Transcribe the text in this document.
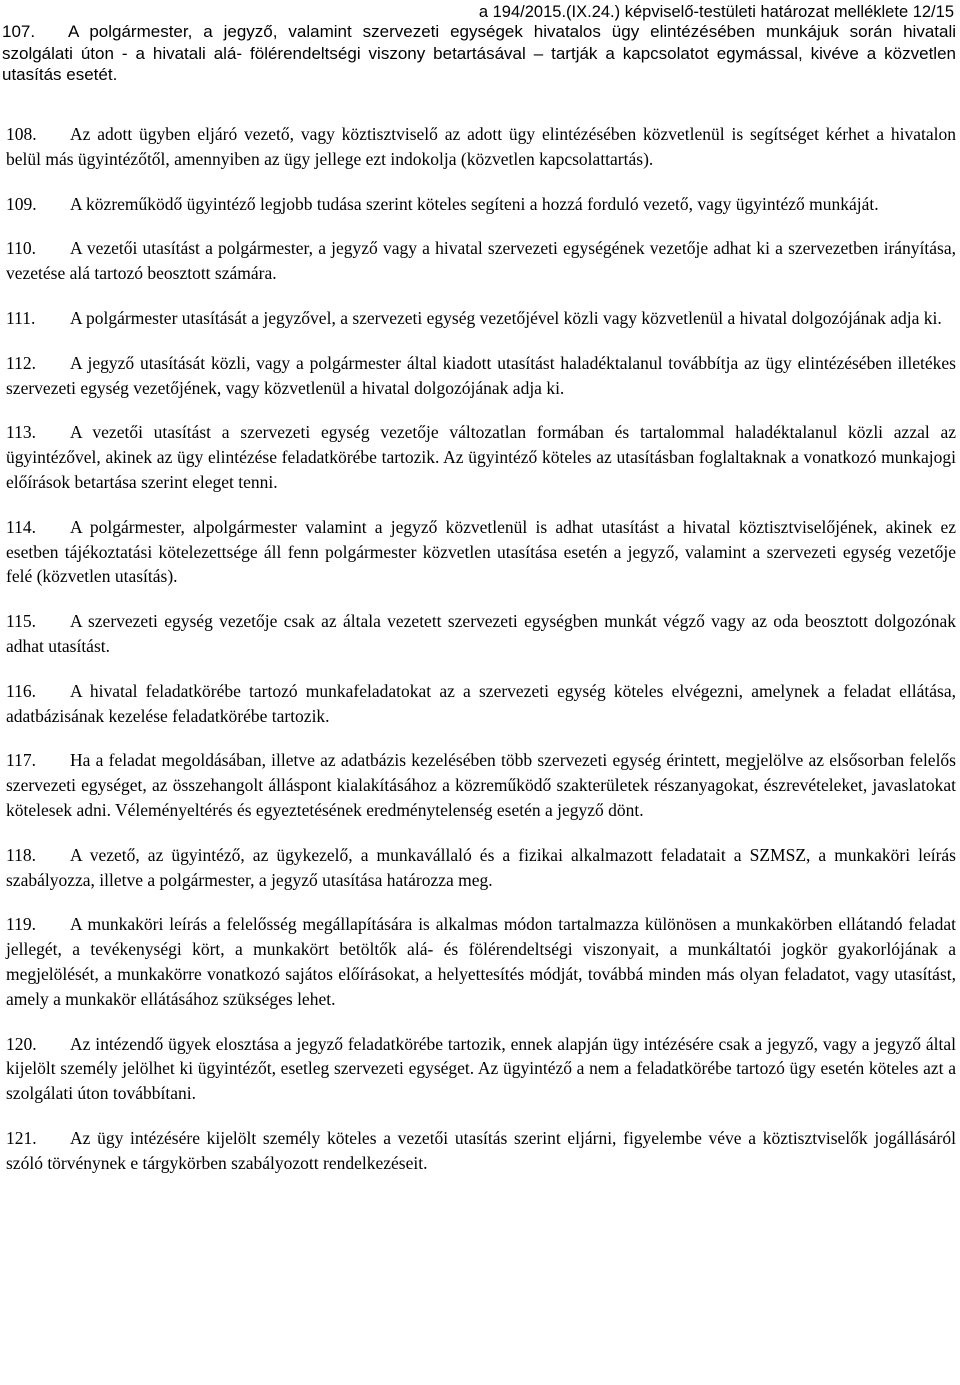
a 194/2015.(IX.24.) képviselő-testületi határozat melléklete 12/15
107. A polgármester, a jegyző, valamint szervezeti egységek hivatalos ügy elintézésében munkájuk során hivatali szolgálati úton - a hivatali alá- fölérendeltségi viszony betartásával – tartják a kapcsolatot egymással, kivéve a közvetlen utasítás esetét.
108. Az adott ügyben eljáró vezető, vagy köztisztviselő az adott ügy elintézésében közvetlenül is segítséget kérhet a hivatalon belül más ügyintézőtől, amennyiben az ügy jellege ezt indokolja (közvetlen kapcsolattartás).
109. A közreműködő ügyintéző legjobb tudása szerint köteles segíteni a hozzá forduló vezető, vagy ügyintéző munkáját.
110. A vezetői utasítást a polgármester, a jegyző vagy a hivatal szervezeti egységének vezetője adhat ki a szervezetben irányítása, vezetése alá tartozó beosztott számára.
111. A polgármester utasítását a jegyzővel, a szervezeti egység vezetőjével közli vagy közvetlenül a hivatal dolgozójának adja ki.
112. A jegyző utasítását közli, vagy a polgármester által kiadott utasítást haladéktalanul továbbítja az ügy elintézésében illetékes szervezeti egység vezetőjének, vagy közvetlenül a hivatal dolgozójának adja ki.
113. A vezetői utasítást a szervezeti egység vezetője változatlan formában és tartalommal haladéktalanul közli azzal az ügyintézővel, akinek az ügy elintézése feladatkörébe tartozik. Az ügyintéző köteles az utasításban foglaltaknak a vonatkozó munkajogi előírások betartása szerint eleget tenni.
114. A polgármester, alpolgármester valamint a jegyző közvetlenül is adhat utasítást a hivatal köztisztviselőjének, akinek ez esetben tájékoztatási kötelezettsége áll fenn polgármester közvetlen utasítása esetén a jegyző, valamint a szervezeti egység vezetője felé (közvetlen utasítás).
115. A szervezeti egység vezetője csak az általa vezetett szervezeti egységben munkát végző vagy az oda beosztott dolgozónak adhat utasítást.
116. A hivatal feladatkörébe tartozó munkafeladatokat az a szervezeti egység köteles elvégezni, amelynek a feladat ellátása, adatbázisának kezelése feladatkörébe tartozik.
117. Ha a feladat megoldásában, illetve az adatbázis kezelésében több szervezeti egység érintett, megjelölve az elsősorban felelős szervezeti egységet, az összehangolt álláspont kialakításához a közreműködő szakterületek részanyagokat, észrevételeket, javaslatokat kötelesek adni. Véleményeltérés és egyeztetésének eredménytelenség esetén a jegyző dönt.
118. A vezető, az ügyintéző, az ügykezelő, a munkavállaló és a fizikai alkalmazott feladatait a SZMSZ, a munkaköri leírás szabályozza, illetve a polgármester, a jegyző utasítása határozza meg.
119. A munkaköri leírás a felelősség megállapítására is alkalmas módon tartalmazza különösen a munkakörben ellátandó feladat jellegét, a tevékenységi kört, a munkakört betöltők alá- és fölérendeltségi viszonyait, a munkáltatói jogkör gyakorlójának a megjelölését, a munkakörre vonatkozó sajátos előírásokat, a helyettesítés módját, továbbá minden más olyan feladatot, vagy utasítást, amely a munkakör ellátásához szükséges lehet.
120. Az intézendő ügyek elosztása a jegyző feladatkörébe tartozik, ennek alapján ügy intézésére csak a jegyző, vagy a jegyző által kijelölt személy jelölhet ki ügyintézőt, esetleg szervezeti egységet. Az ügyintéző a nem a feladatkörébe tartozó ügy esetén köteles azt a szolgálati úton továbbítani.
121. Az ügy intézésére kijelölt személy köteles a vezetői utasítás szerint eljárni, figyelembe véve a köztisztviselők jogállásáról szóló törvénynek e tárgykörben szabályozott rendelkezéseit.
